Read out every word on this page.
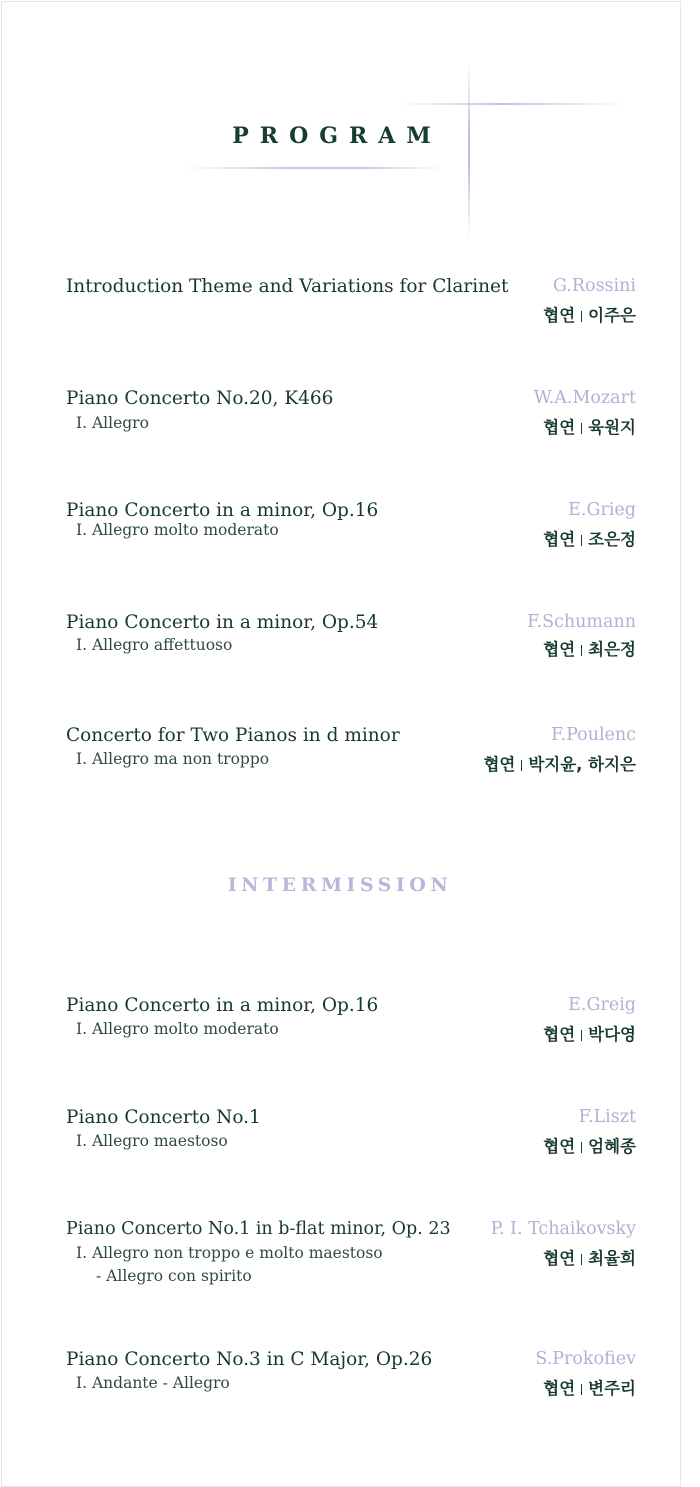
PROGRAM
Introduction Theme and Variations for Clarinet	G.Rossini
협연 이주은
Piano Concerto No.20, K466
I. Allegro
W.A.Mozart
협연 육원지
Piano Concerto in a minor, Op.16
I. Allegro molto moderato
E.Grieg
협연 조은정
Piano Concerto in a minor, Op.54
I. Allegro affettuoso
F.Schumann
협연 최은정
Concerto for Two Pianos in d minor
I. Allegro ma non troppo
F.Poulenc
협연 박지윤, 하지은
INTERMISSION
Piano Concerto in a minor, Op.16
I. Allegro molto moderato
E.Greig
협연 박다영
Piano Concerto No.1
I. Allegro maestoso
F.Liszt
협연 엄혜종
Piano Concerto No.1 in b-flat minor, Op. 23
I. Allegro non troppo e molto maestoso
- Allegro con spirito
P. I. Tchaikovsky
협연 최율희
Piano Concerto No.3 in C Major, Op.26
I. Andante - Allegro
S.Prokofiev
협연 변주리
